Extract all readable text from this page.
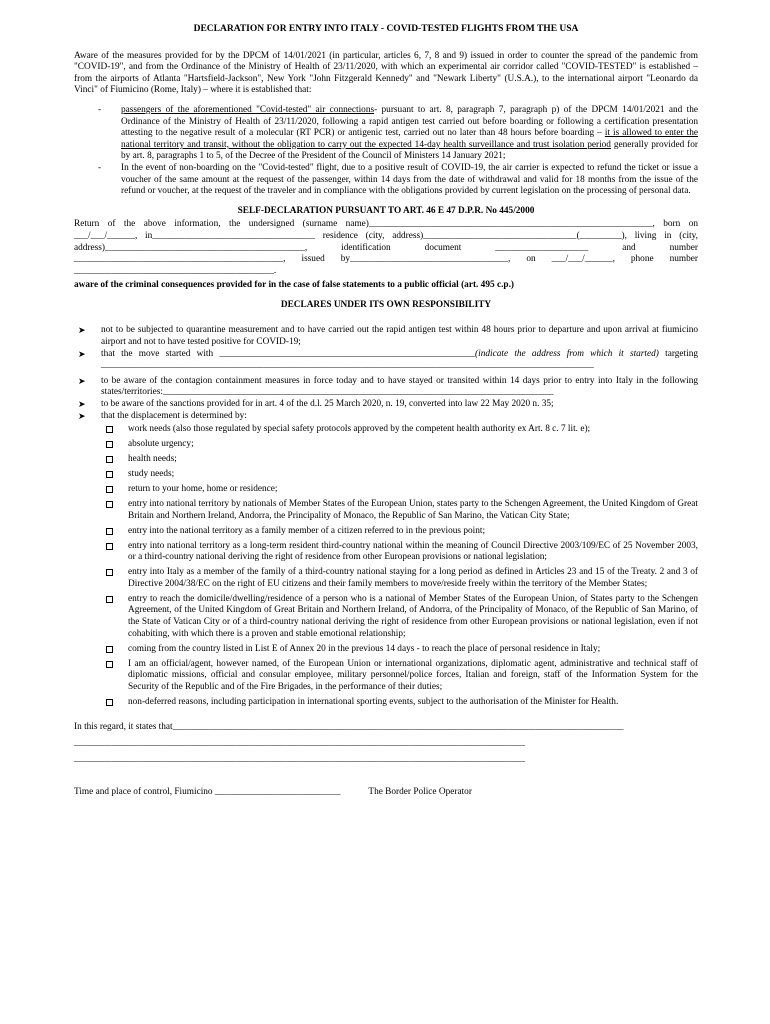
DECLARATION FOR ENTRY INTO ITALY - COVID-TESTED FLIGHTS FROM THE USA
Aware of the measures provided for by the DPCM of 14/01/2021 (in particular, articles 6, 7, 8 and 9) issued in order to counter the spread of the pandemic from "COVID-19", and from the Ordinance of the Ministry of Health of 23/11/2020, with which an experimental air corridor called "COVID-TESTED" is established – from the airports of Atlanta "Hartsfield-Jackson", New York "John Fitzgerald Kennedy" and "Newark Liberty" (U.S.A.), to the international airport "Leonardo da Vinci" of Fiumicino (Rome, Italy) – where it is established that:
- passengers of the aforementioned "Covid-tested" air connections- pursuant to art. 8, paragraph 7, paragraph p) of the DPCM 14/01/2021 and the Ordinance of the Ministry of Health of 23/11/2020, following a rapid antigen test carried out before boarding or following a certification presentation attesting to the negative result of a molecular (RT PCR) or antigenic test, carried out no later than 48 hours before boarding – it is allowed to enter the national territory and transit, without the obligation to carry out the expected 14-day health surveillance and trust isolation period generally provided for by art. 8, paragraphs 1 to 5, of the Decree of the President of the Council of Ministers 14 January 2021;
- In the event of non-boarding on the "Covid-tested" flight, due to a positive result of COVID-19, the air carrier is expected to refund the ticket or issue a voucher of the same amount at the request of the passenger, within 14 days from the date of withdrawal and valid for 18 months from the issue of the refund or voucher, at the request of the traveler and in compliance with the obligations provided by current legislation on the processing of personal data.
SELF-DECLARATION PURSUANT TO ART. 46 E 47 D.P.R. No 445/2000
Return of the above information, the undersigned (surname name)_____________________________________________________________, born on ___/___/______, in___________________________________ residence (city, address)_________________________________(_________), living in (city, address)___________________________________________, identification document ____________________ and number _____________________________________________, issued by__________________________________, on ___/___/______, phone number ___________________________________________.
aware of the criminal consequences provided for in the case of false statements to a public official (art. 495 c.p.)
DECLARES UNDER ITS OWN RESPONSIBILITY
➤ not to be subjected to quarantine measurement and to have carried out the rapid antigen test within 48 hours prior to departure and upon arrival at fiumicino airport and not to have tested positive for COVID-19;
➤ that the move started with _______________________________________________________(indicate the address from which it started) targeting __________________________________________________________________________________________________________
➤ to be aware of the contagion containment measures in force today and to have stayed or transited within 14 days prior to entry into Italy in the following states/territories:____________________________________________________________________________________
➤ to be aware of the sanctions provided for in art. 4 of the d.l. 25 March 2020, n. 19, converted into law 22 May 2020 n. 35;
➤ that the displacement is determined by:
work needs (also those regulated by special safety protocols approved by the competent health authority ex Art. 8 c. 7 lit. e);
absolute urgency;
health needs;
study needs;
return to your home, home or residence;
entry into national territory by nationals of Member States of the European Union, states party to the Schengen Agreement, the United Kingdom of Great Britain and Northern Ireland, Andorra, the Principality of Monaco, the Republic of San Marino, the Vatican City State;
entry into the national territory as a family member of a citizen referred to in the previous point;
entry into national territory as a long-term resident third-country national within the meaning of Council Directive 2003/109/EC of 25 November 2003, or a third-country national deriving the right of residence from other European provisions or national legislation;
entry into Italy as a member of the family of a third-country national staying for a long period as defined in Articles 23 and 15 of the Treaty. 2 and 3 of Directive 2004/38/EC on the right of EU citizens and their family members to move/reside freely within the territory of the Member States;
entry to reach the domicile/dwelling/residence of a person who is a national of Member States of the European Union, of States party to the Schengen Agreement, of the United Kingdom of Great Britain and Northern Ireland, of Andorra, of the Principality of Monaco, of the Republic of San Marino, of the State of Vatican City or of a third-country national deriving the right of residence from other European provisions or national legislation, even if not cohabiting, with which there is a proven and stable emotional relationship;
coming from the country listed in List E of Annex 20 in the previous 14 days - to reach the place of personal residence in Italy;
I am an official/agent, however named, of the European Union or international organizations, diplomatic agent, administrative and technical staff of diplomatic missions, official and consular employee, military personnel/police forces, Italian and foreign, staff of the Information System for the Security of the Republic and of the Fire Brigades, in the performance of their duties;
non-deferred reasons, including participation in international sporting events, subject to the authorisation of the Minister for Health.
In this regard, it states that_________________________________________________________________________________________________
_________________________________________________________________________________________________
_________________________________________________________________________________________________
Time and place of control, Fiumicino ___________________________	The Border Police Operator
